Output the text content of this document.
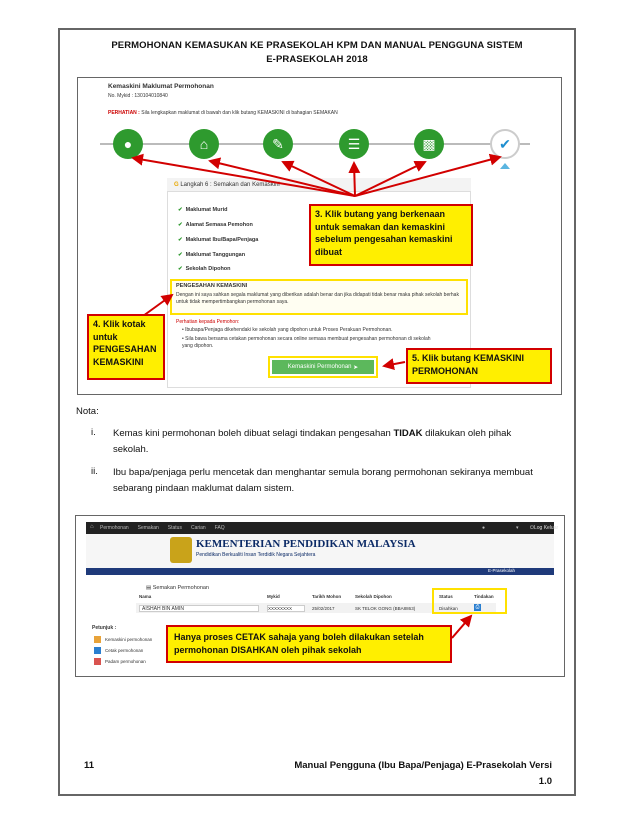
PERMOHONAN KEMASUKAN KE PRASEKOLAH KPM DAN MANUAL PENGGUNA SISTEM
E-PRASEKOLAH 2018
Kemaskini Maklumat Permohonan
No. Mykid : 130104010840
PERHATIAN : Sila lengkapkan maklumat di bawah dan klik butang KEMASKINI di bahagian SEMAKAN
●	⌂	✎	☰	▩	✔
G Langkah 6 : Semakan dan Kemaskini
✔ Maklumat Murid
✔ Alamat Semasa Pemohon
✔ Maklumat Ibu/Bapa/Penjaga
✔ Maklumat Tanggungan
✔ Sekolah Dipohon
PENGESAHAN KEMASKINI
Dengan ini saya sahkan segala maklumat yang diberikan adalah benar dan jika didapati tidak benar maka pihak sekolah berhak untuk tidak mempertimbangkan permohonan saya.
Perhatian kepada Pemohon:
• Ibubapa/Penjaga dikehendaki ke sekolah yang dipohon untuk Proses Perakuan Permohonan.
• Sila bawa bersama cetakan permohonan secara online semasa membuat pengesahan permohonan di sekolah yang dipohon.
Kemaskini Permohonan
➤
3. Klik butang yang berkenaan untuk semakan dan kemaskini sebelum pengesahan kemaskini dibuat
4. Klik kotak untuk PENGESAHAN KEMASKINI	5. Klik butang KEMASKINI PERMOHONAN
Nota:
i. Kemas kini permohonan boleh dibuat selagi tindakan pengesahan TIDAK dilakukan oleh pihak sekolah.
ii. Ibu bapa/penjaga perlu mencetak dan menghantar semula borang permohonan sekiranya membuat sebarang pindaan maklumat dalam sistem.
⌂ Permohonan Semakan Status Carian FAQ	●	▾ ⏻Log Keluar
KEMENTERIAN PENDIDIKAN MALAYSIA
Pendidikan Berkualiti Insan Terdidik Negara Sejahtera
E-Prasekolah
▤ Semakan Permohonan
Nama	Mykid	Tarikh Mohon	Sekolah Dipohon	Status	Tindakan
AISHAH BIN AMIN	XXXXXXXX	25/02/2017	SK TELOK GONG (BBA8863)	Disahkan	⎙
Petunjuk :
Kemaskini permohonan
Cetak permohonan
Padam permohonan
Hanya proses CETAK sahaja yang boleh dilakukan setelah permohonan DISAHKAN oleh pihak sekolah
11	Manual Pengguna (Ibu Bapa/Penjaga) E-Prasekolah Versi
1.0
